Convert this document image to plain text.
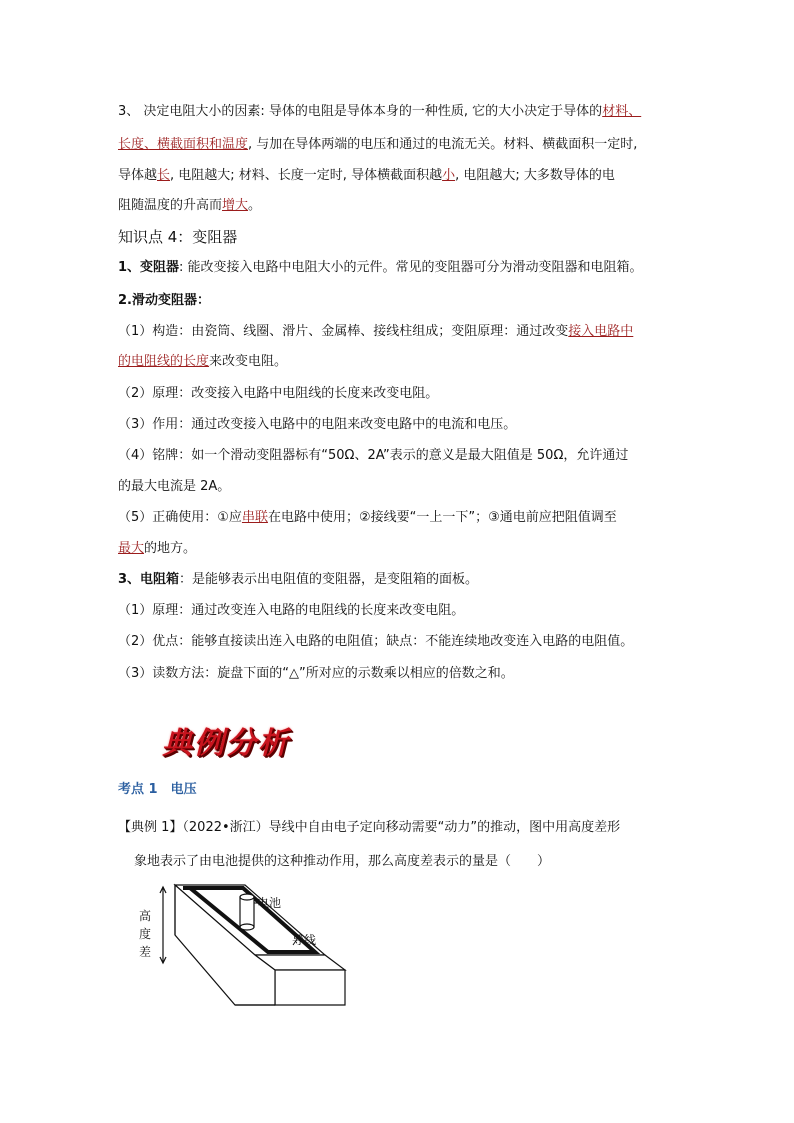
3、 决定电阻大小的因素: 导体的电阻是导体本身的一种性质, 它的大小决定于导体的材料、
长度、横截面积和温度, 与加在导体两端的电压和通过的电流无关。材料、横截面积一定时,
导体越长, 电阻越大; 材料、长度一定时, 导体横截面积越小, 电阻越大; 大多数导体的电
阻随温度的升高而增大。
知识点 4：变阻器
1、变阻器: 能改变接入电路中电阻大小的元件。常见的变阻器可分为滑动变阻器和电阻箱。
2.滑动变阻器：
（1）构造：由瓷筒、线圈、滑片、金属棒、接线柱组成；变阻原理：通过改变接入电路中
的电阻线的长度来改变电阻。
（2）原理：改变接入电路中电阻线的长度来改变电阻。
（3）作用：通过改变接入电路中的电阻来改变电路中的电流和电压。
（4）铭牌：如一个滑动变阻器标有“50Ω、2A”表示的意义是最大阻值是 50Ω，允许通过
的最大电流是 2A。
（5）正确使用：①应串联在电路中使用；②接线要“一上一下”；③通电前应把阻值调至
最大的地方。
3、电阻箱：是能够表示出电阻值的变阻器，是变阻箱的面板。
（1）原理：通过改变连入电路的电阻线的长度来改变电阻。
（2）优点：能够直接读出连入电路的电阻值；缺点：不能连续地改变连入电路的电阻值。
（3）读数方法：旋盘下面的“△”所对应的示数乘以相应的倍数之和。
典例分析
考点 1　电压
【典例 1】（2022•浙江）导线中自由电子定向移动需要“动力”的推动，图中用高度差形
象地表示了由电池提供的这种推动作用，那么高度差表示的量是（　　）
电池
导线
高
度
差
